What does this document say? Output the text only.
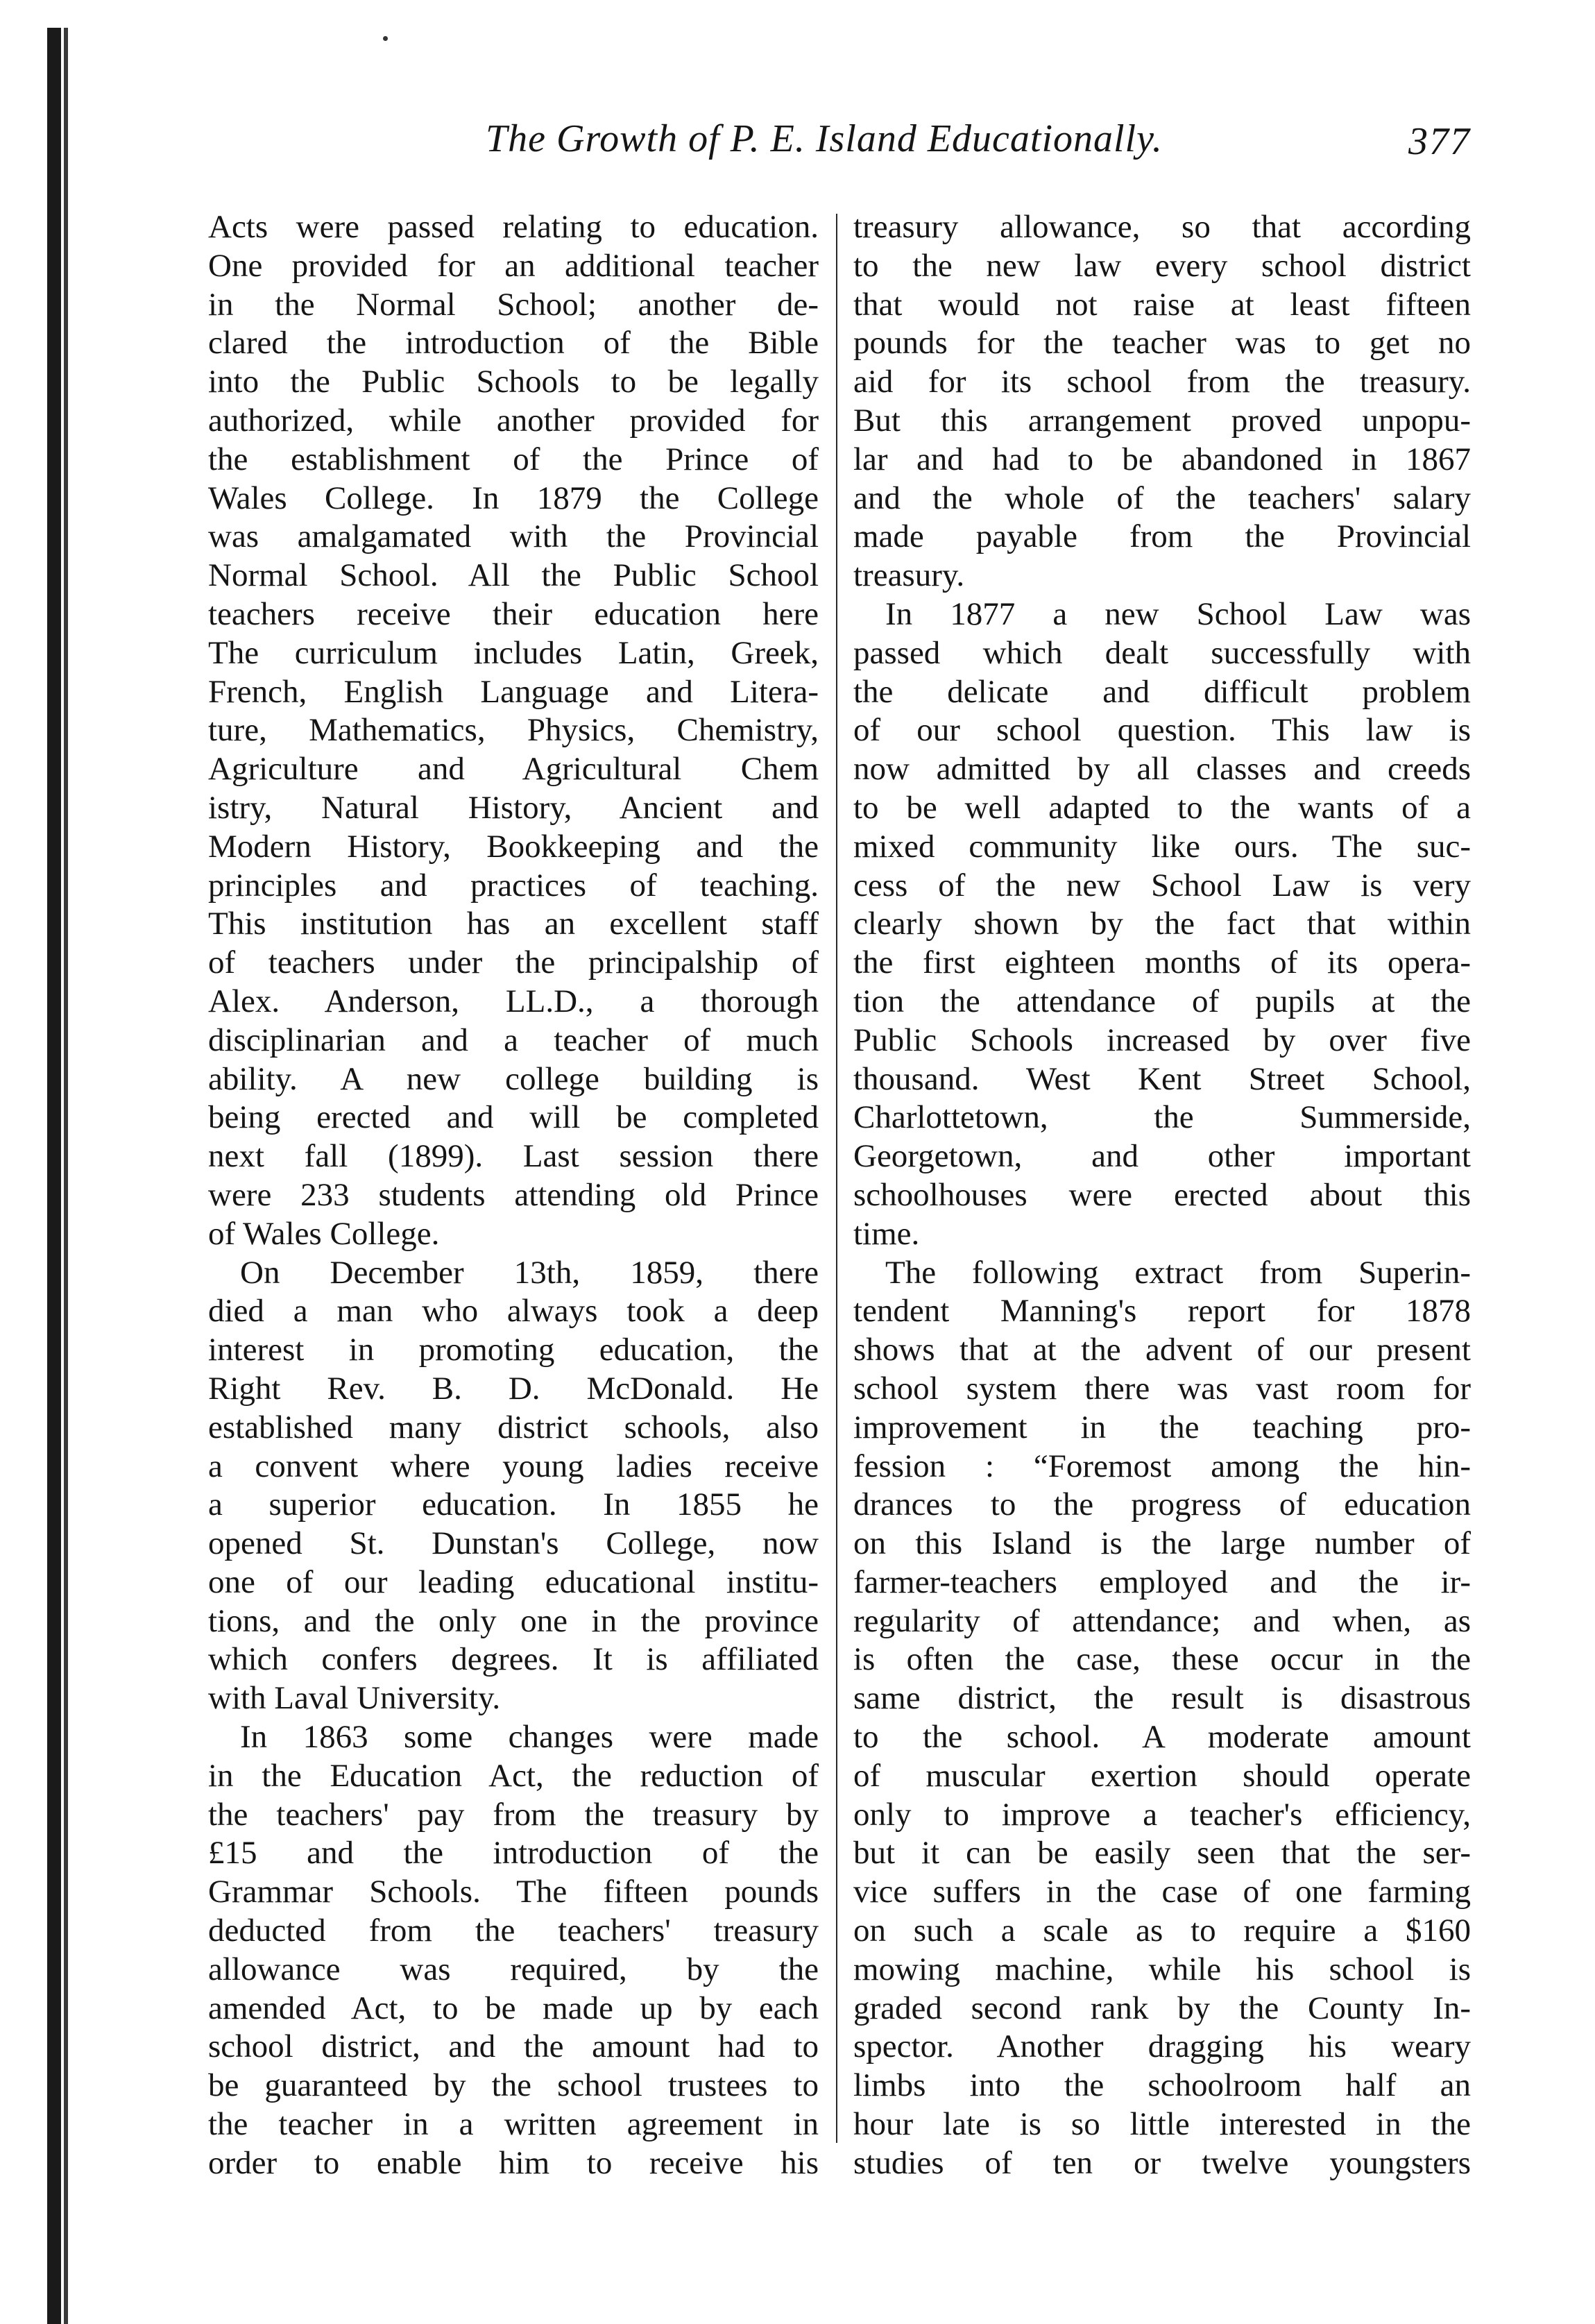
The Growth of P. E. Island Educationally.	377
Acts were passed relating to education.
One provided for an additional teacher
in the Normal School; another de-
clared the introduction of the Bible
into the Public Schools to be legally
authorized, while another provided for
the establishment of the Prince of
Wales College. In 1879 the College
was amalgamated with the Provincial
Normal School. All the Public School
teachers receive their education here
The curriculum includes Latin, Greek,
French, English Language and Litera-
ture, Mathematics, Physics, Chemistry,
Agriculture and Agricultural Chem
istry, Natural History, Ancient and
Modern History, Bookkeeping and the
principles and practices of teaching.
This institution has an excellent staff
of teachers under the principalship of
Alex. Anderson, LL.D., a thorough
disciplinarian and a teacher of much
ability. A new college building is
being erected and will be completed
next fall (1899). Last session there
were 233 students attending old Prince
of Wales College.
On December 13th, 1859, there
died a man who always took a deep
interest in promoting education, the
Right Rev. B. D. McDonald. He
established many district schools, also
a convent where young ladies receive
a superior education. In 1855 he
opened St. Dunstan's College, now
one of our leading educational institu-
tions, and the only one in the province
which confers degrees. It is affiliated
with Laval University.
In 1863 some changes were made
in the Education Act, the reduction of
the teachers' pay from the treasury by
£15 and the introduction of the
Grammar Schools. The fifteen pounds
deducted from the teachers' treasury
allowance was required, by the
amended Act, to be made up by each
school district, and the amount had to
be guaranteed by the school trustees to
the teacher in a written agreement in
order to enable him to receive his
treasury allowance, so that according
to the new law every school district
that would not raise at least fifteen
pounds for the teacher was to get no
aid for its school from the treasury.
But this arrangement proved unpopu-
lar and had to be abandoned in 1867
and the whole of the teachers' salary
made payable from the Provincial
treasury.
In 1877 a new School Law was
passed which dealt successfully with
the delicate and difficult problem
of our school question. This law is
now admitted by all classes and creeds
to be well adapted to the wants of a
mixed community like ours. The suc-
cess of the new School Law is very
clearly shown by the fact that within
the first eighteen months of its opera-
tion the attendance of pupils at the
Public Schools increased by over five
thousand. West Kent Street School,
Charlottetown, the Summerside,
Georgetown, and other important
schoolhouses were erected about this
time.
The following extract from Superin-
tendent Manning's report for 1878
shows that at the advent of our present
school system there was vast room for
improvement in the teaching pro-
fession : “Foremost among the hin-
drances to the progress of education
on this Island is the large number of
farmer-teachers employed and the ir-
regularity of attendance; and when, as
is often the case, these occur in the
same district, the result is disastrous
to the school. A moderate amount
of muscular exertion should operate
only to improve a teacher's efficiency,
but it can be easily seen that the ser-
vice suffers in the case of one farming
on such a scale as to require a $160
mowing machine, while his school is
graded second rank by the County In-
spector. Another dragging his weary
limbs into the schoolroom half an
hour late is so little interested in the
studies of ten or twelve youngsters
